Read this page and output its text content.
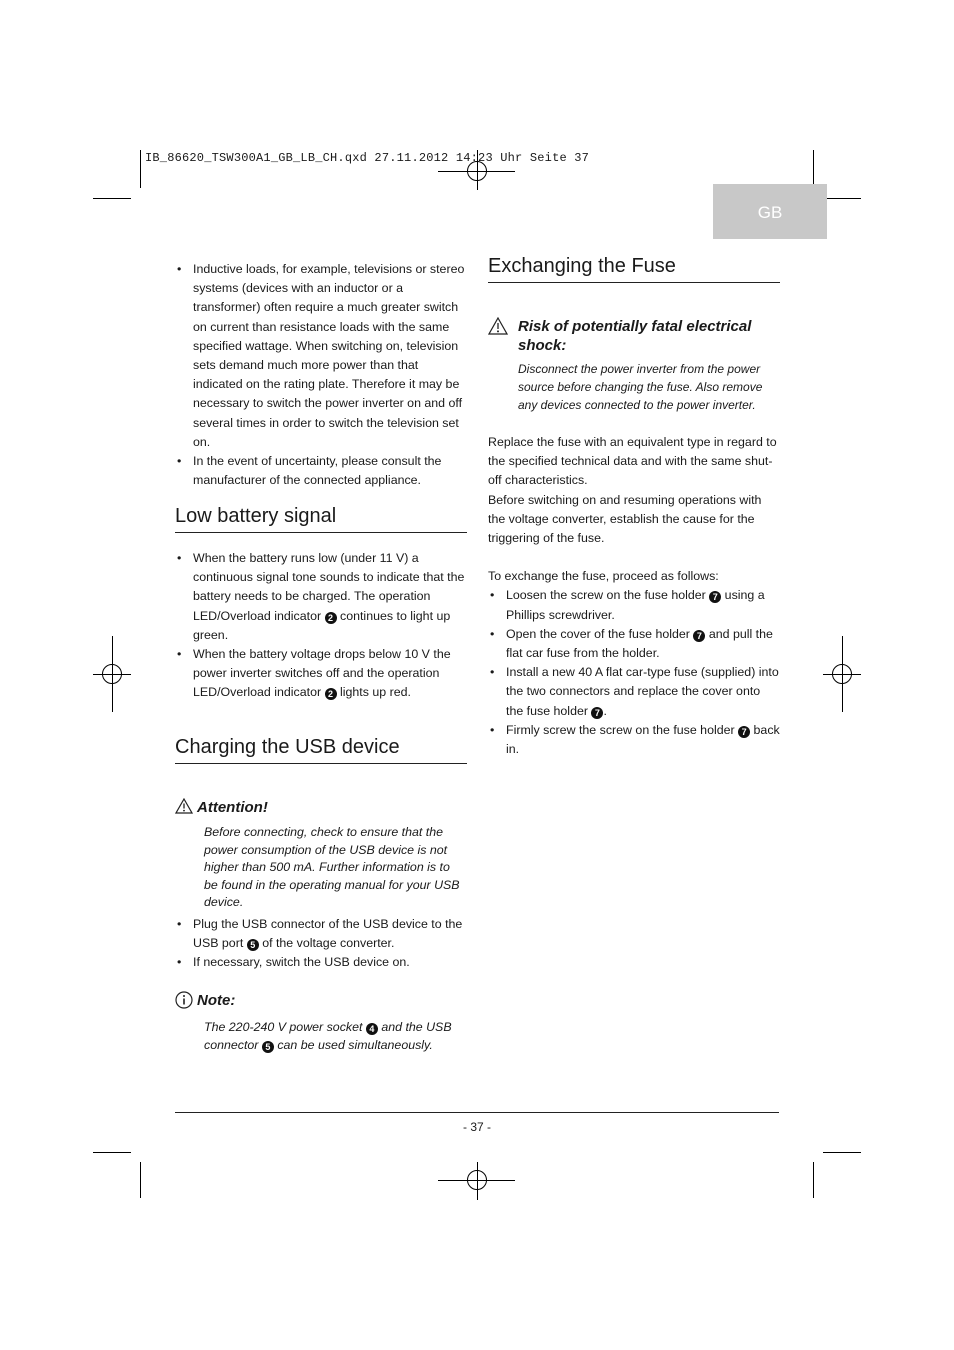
IB_86620_TSW300A1_GB_LB_CH.qxd 27.11.2012 14:23 Uhr Seite 37
GB
• Inductive loads, for example, televisions or stereo systems (devices with an inductor or a transformer) often require a much greater switch on current than resistance loads with the same specified wattage. When switching on, television sets demand much more power than that indicated on the rating plate. Therefore it may be necessary to switch the power inverter on and off several times in order to switch the television set on.
• In the event of uncertainty, please consult the manufacturer of the connected appliance.
Low battery signal
• When the battery runs low (under 11 V) a continuous signal tone sounds to indicate that the battery needs to be charged. The operation LED/Overload indicator 2 continues to light up green.
• When the battery voltage drops below 10 V the power inverter switches off and the operation LED/Overload indicator 2 lights up red.
Charging the USB device
Attention!
Before connecting, check to ensure that the power consumption of the USB device is not higher than 500 mA. Further information is to be found in the operating manual for your USB device.
• Plug the USB connector of the USB device to the USB port 5 of the voltage converter.
• If necessary, switch the USB device on.
Note:
The 220-240 V power socket 4 and the USB connector 5 can be used simultaneously.
Exchanging the Fuse
Risk of potentially fatal electrical shock:
Disconnect the power inverter from the power source before changing the fuse. Also remove any devices connected to the power inverter.

Replace the fuse with an equivalent type in regard to the specified technical data and with the same shut-off characteristics.

Before switching on and resuming operations with the voltage converter, establish the cause for the triggering of the fuse.

To exchange the fuse, proceed as follows:

• Loosen the screw on the fuse holder 7 using a Phillips screwdriver.
• Open the cover of the fuse holder 7 and pull the flat car fuse from the holder.
• Install a new 40 A flat car-type fuse (supplied) into the two connectors and replace the cover onto the fuse holder 7 .
• Firmly screw the screw on the fuse holder 7 back in.
- 37 -
